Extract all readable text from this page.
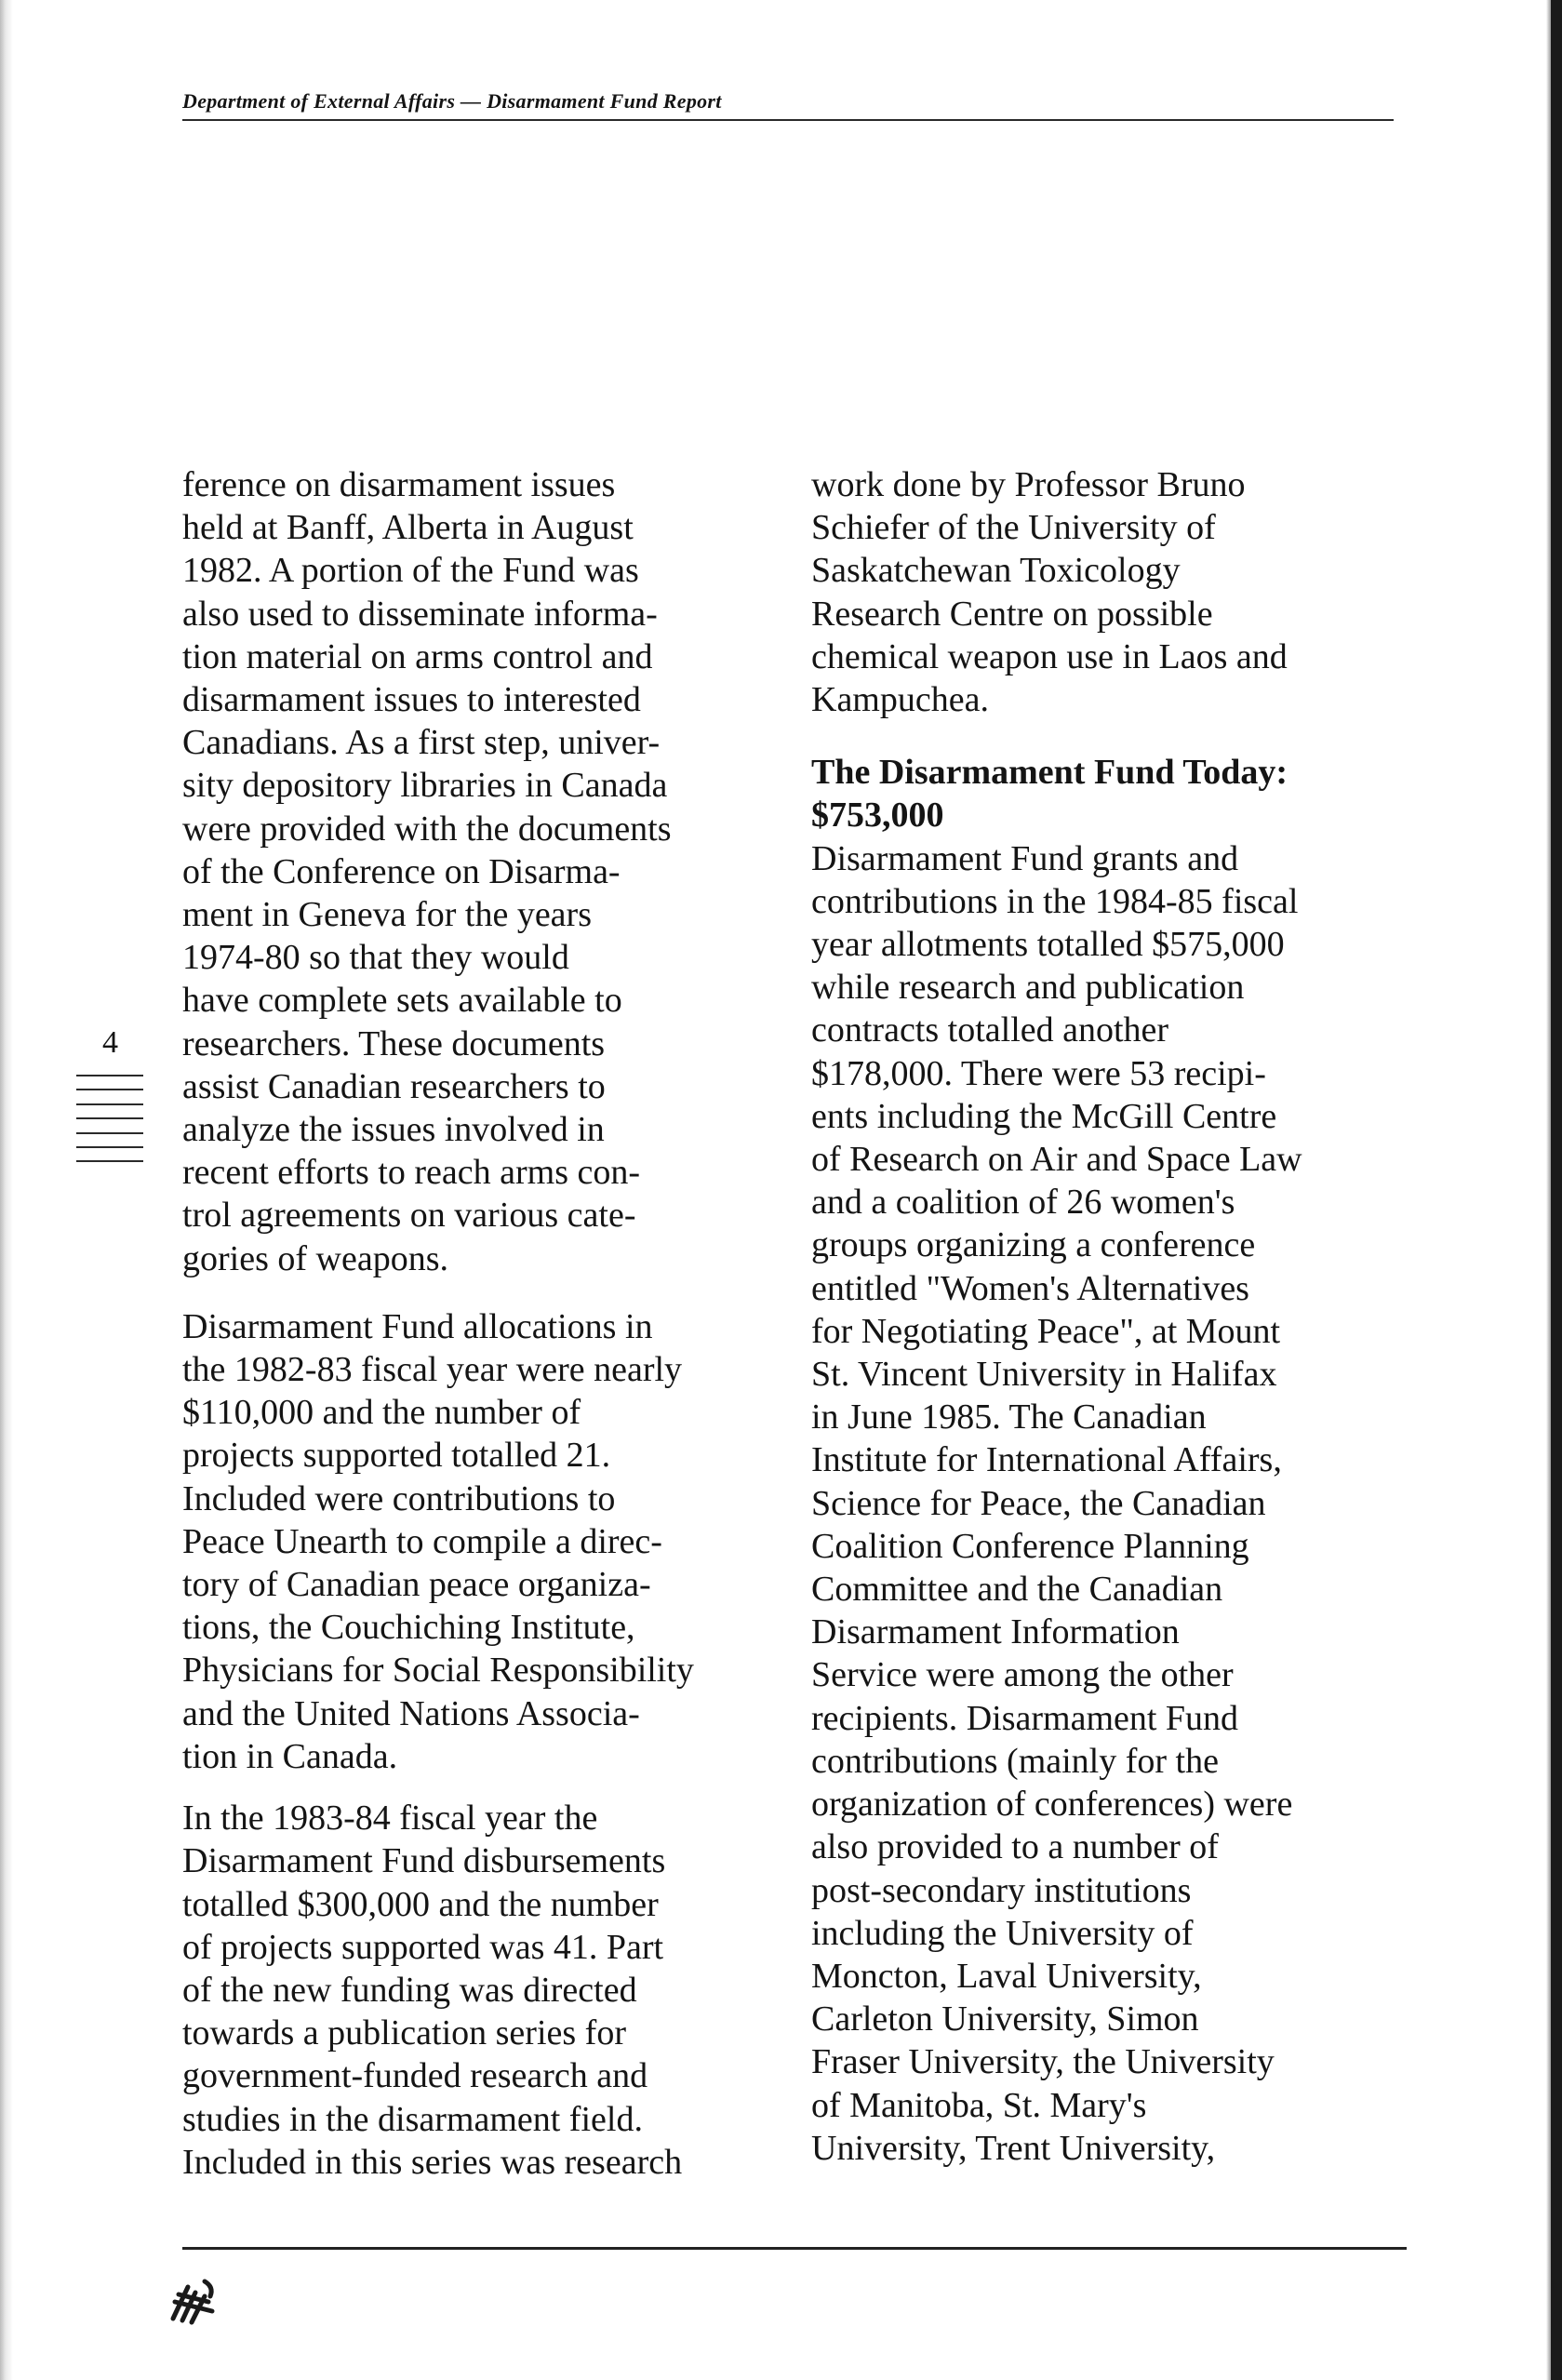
Department of External Affairs — Disarmament Fund Report
4
ference on disarmament issues
held at Banff, Alberta in August
1982. A portion of the Fund was
also used to disseminate informa-
tion material on arms control and
disarmament issues to interested
Canadians. As a first step, univer-
sity depository libraries in Canada
were provided with the documents
of the Conference on Disarma-
ment in Geneva for the years
1974-80 so that they would
have complete sets available to
researchers. These documents
assist Canadian researchers to
analyze the issues involved in
recent efforts to reach arms con-
trol agreements on various cate-
gories of weapons.
Disarmament Fund allocations in
the 1982-83 fiscal year were nearly
$110,000 and the number of
projects supported totalled 21.
Included were contributions to
Peace Unearth to compile a direc-
tory of Canadian peace organiza-
tions, the Couchiching Institute,
Physicians for Social Responsibility
and the United Nations Associa-
tion in Canada.
In the 1983-84 fiscal year the
Disarmament Fund disbursements
totalled $300,000 and the number
of projects supported was 41. Part
of the new funding was directed
towards a publication series for
government-funded research and
studies in the disarmament field.
Included in this series was research
work done by Professor Bruno
Schiefer of the University of
Saskatchewan Toxicology
Research Centre on possible
chemical weapon use in Laos and
Kampuchea.
The Disarmament Fund Today:
$753,000
Disarmament Fund grants and
contributions in the 1984-85 fiscal
year allotments totalled $575,000
while research and publication
contracts totalled another
$178,000. There were 53 recipi-
ents including the McGill Centre
of Research on Air and Space Law
and a coalition of 26 women's
groups organizing a conference
entitled "Women's Alternatives
for Negotiating Peace", at Mount
St. Vincent University in Halifax
in June 1985. The Canadian
Institute for International Affairs,
Science for Peace, the Canadian
Coalition Conference Planning
Committee and the Canadian
Disarmament Information
Service were among the other
recipients. Disarmament Fund
contributions (mainly for the
organization of conferences) were
also provided to a number of
post-secondary institutions
including the University of
Moncton, Laval University,
Carleton University, Simon
Fraser University, the University
of Manitoba, St. Mary's
University, Trent University,
